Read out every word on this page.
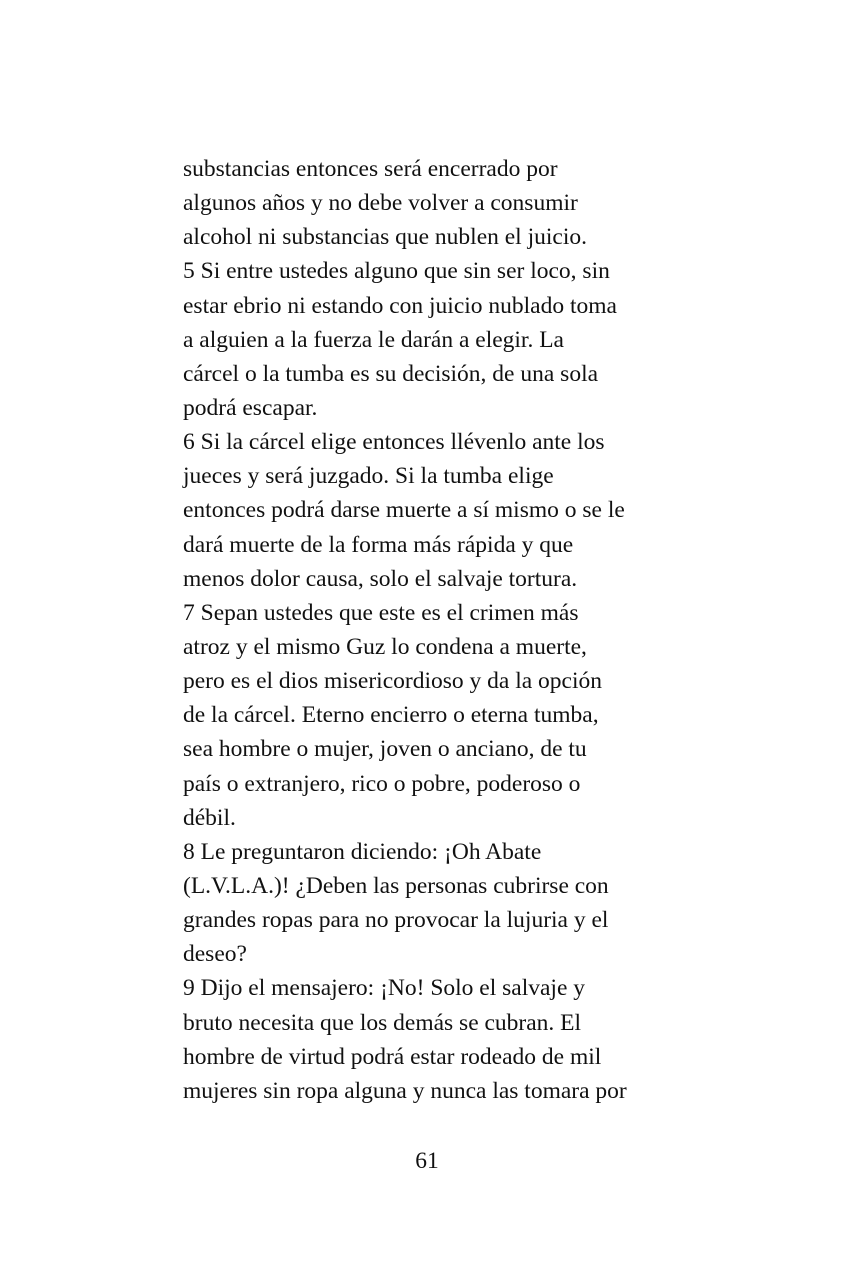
substancias entonces será encerrado por
algunos años y no debe volver a consumir
alcohol ni substancias que nublen el juicio.
5 Si entre ustedes alguno que sin ser loco, sin
estar ebrio ni estando con juicio nublado toma
a alguien a la fuerza le darán a elegir. La
cárcel o la tumba es su decisión, de una sola
podrá escapar.
6 Si la cárcel elige entonces llévenlo ante los
jueces y será juzgado. Si la tumba elige
entonces podrá darse muerte a sí mismo o se le
dará muerte de la forma más rápida y que
menos dolor causa, solo el salvaje tortura.
7 Sepan ustedes que este es el crimen más
atroz y el mismo Guz lo condena a muerte,
pero es el dios misericordioso y da la opción
de la cárcel. Eterno encierro o eterna tumba,
sea hombre o mujer, joven o anciano, de tu
país o extranjero, rico o pobre, poderoso o
débil.
8 Le preguntaron diciendo: ¡Oh Abate
(L.V.L.A.)! ¿Deben las personas cubrirse con
grandes ropas para no provocar la lujuria y el
deseo?
9 Dijo el mensajero: ¡No! Solo el salvaje y
bruto necesita que los demás se cubran. El
hombre de virtud podrá estar rodeado de mil
mujeres sin ropa alguna y nunca las tomara por
61
